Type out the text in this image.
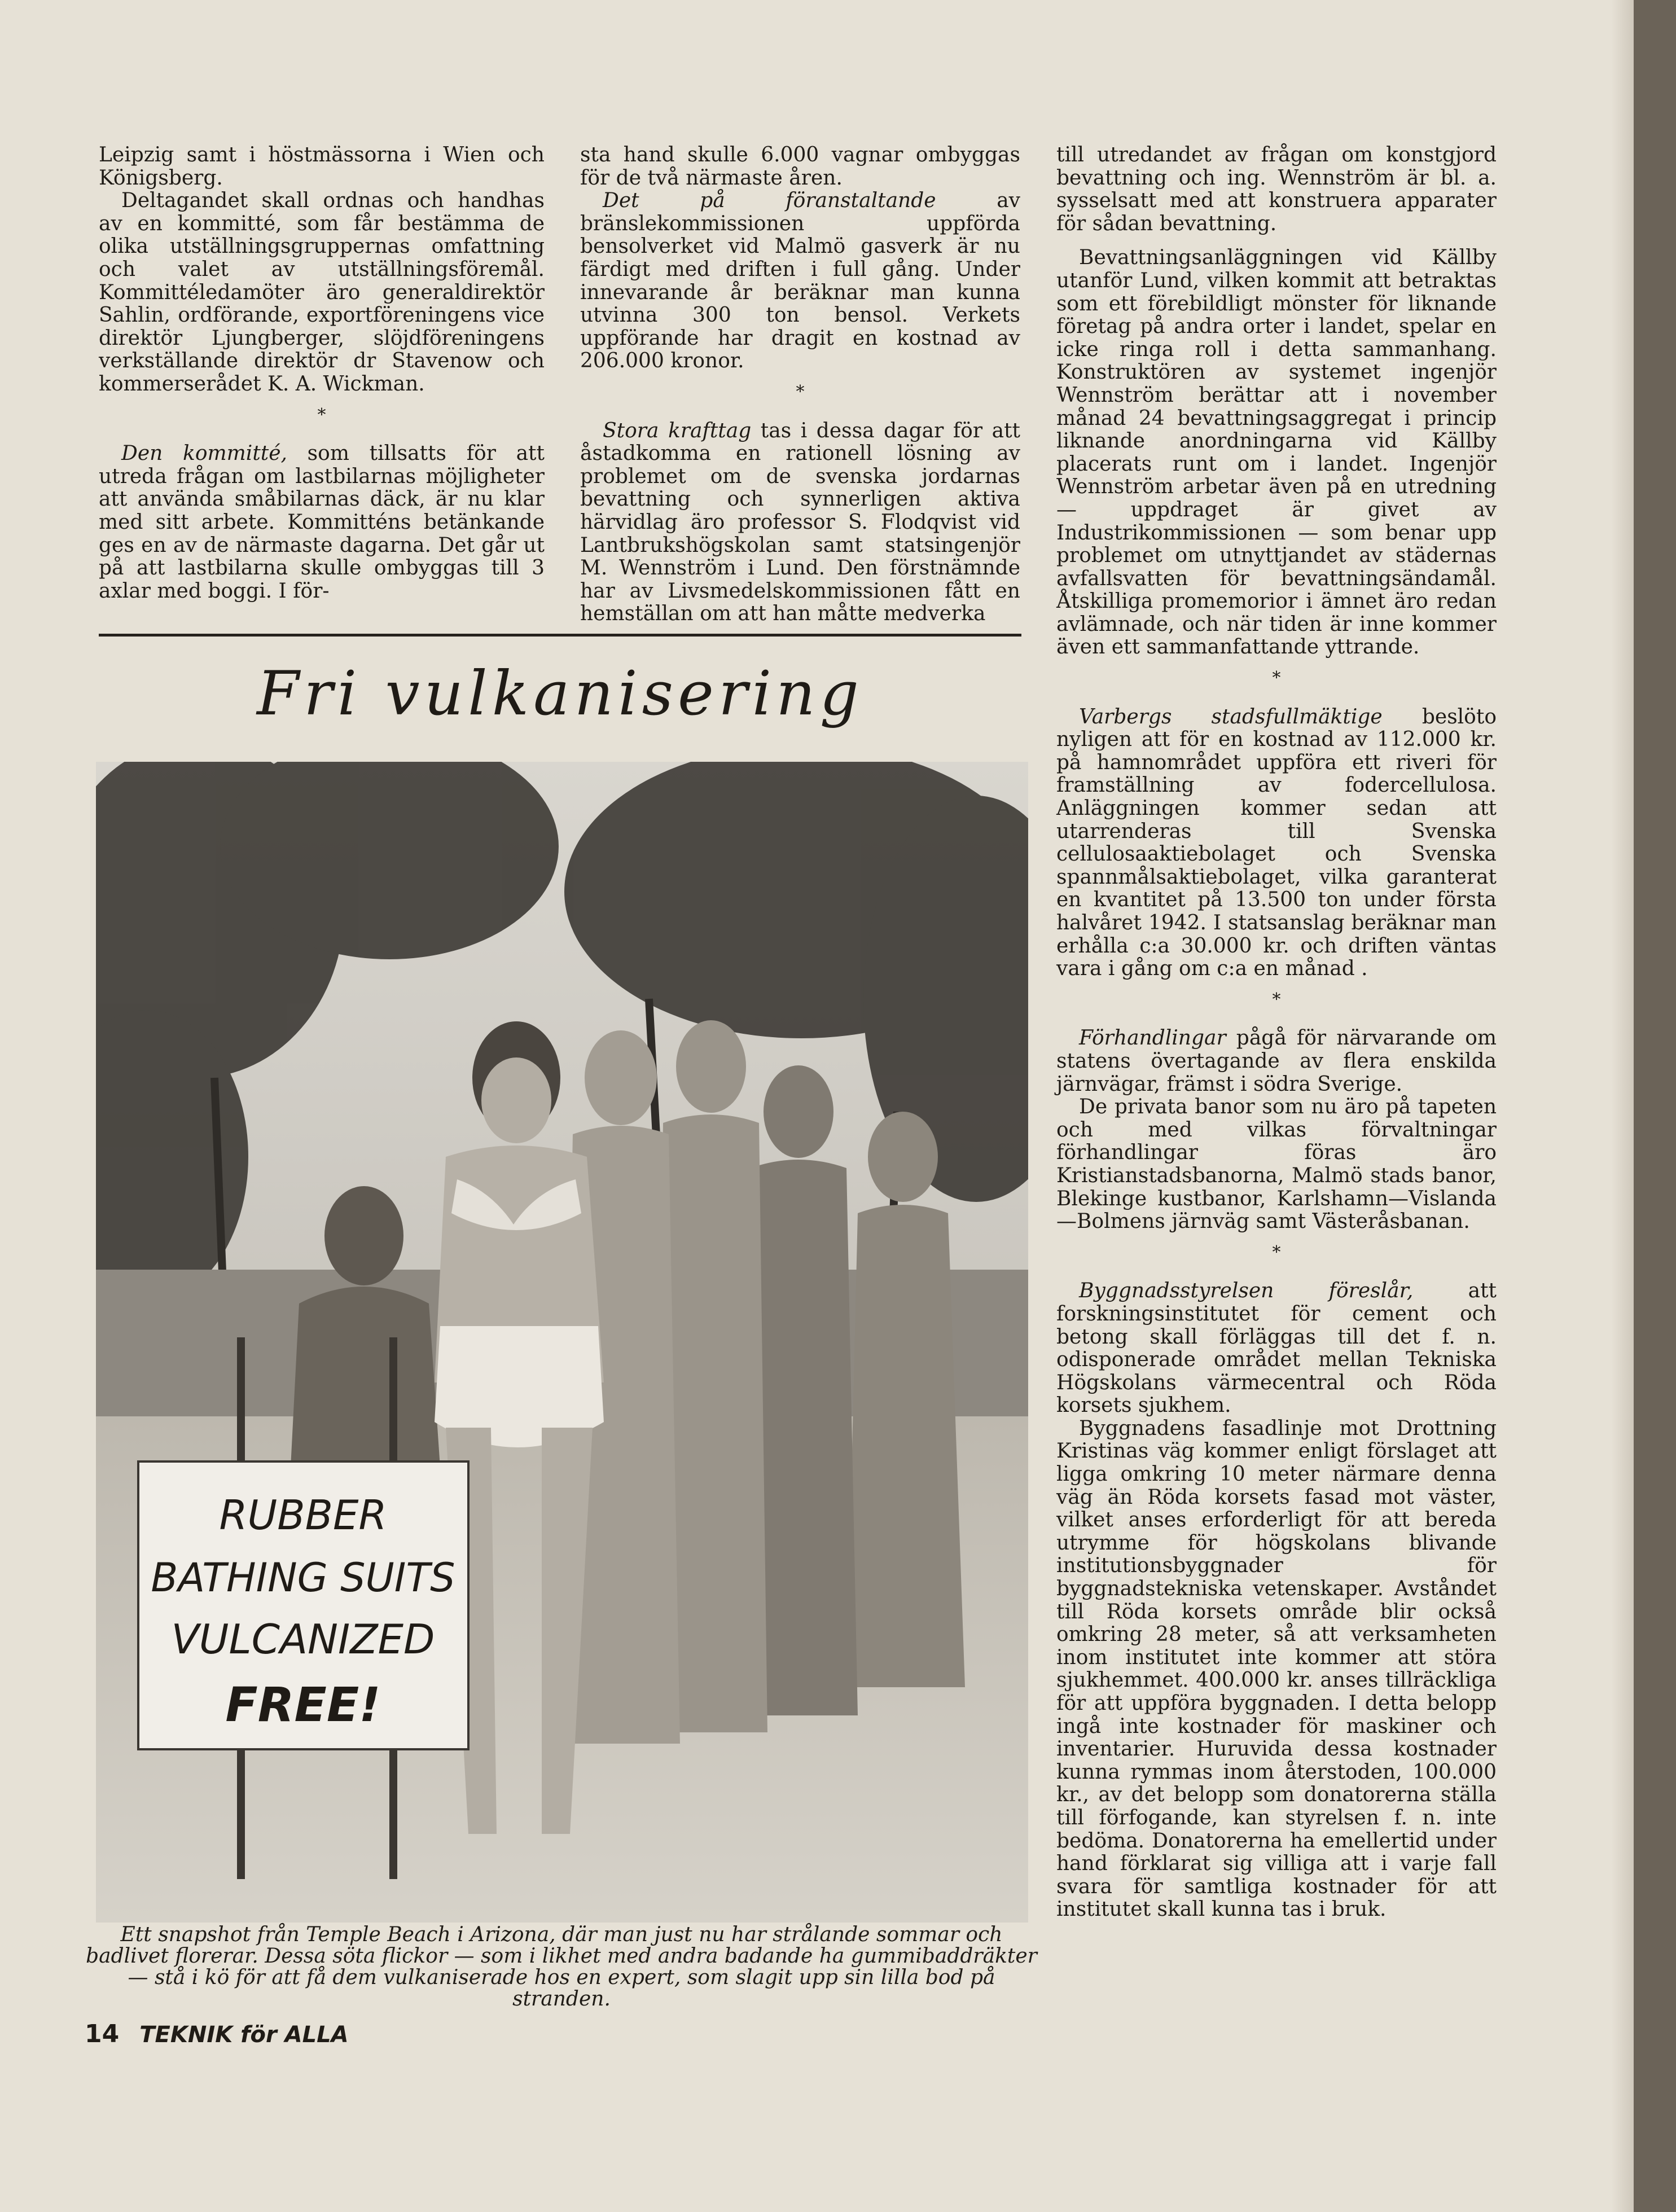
Leipzig samt i höstmässorna i Wien och Königsberg.

Deltagandet skall ordnas och handhas av en kommitté, som får bestämma de olika utställningsgruppernas omfattning och valet av utställningsföremål. Kommittéledamöter äro generaldirektör Sahlin, ordförande, exportföreningens vice direktör Ljungberger, slöjdföreningens verkställande direktör dr Stavenow och kommerserådet K. A. Wickman.

*

Den kommitté, som tillsatts för att utreda frågan om lastbilarnas möjligheter att använda småbilarnas däck, är nu klar med sitt arbete. Kommitténs betänkande ges en av de närmaste dagarna. Det går ut på att lastbilarna skulle ombyggas till 3 axlar med boggi. I för-

sta hand skulle 6.000 vagnar ombyggas för de två närmaste åren.

Det på föranstaltande av bränslekommissionen uppförda bensolverket vid Malmö gasverk är nu färdigt med driften i full gång. Under innevarande år beräknar man kunna utvinna 300 ton bensol. Verkets uppförande har dragit en kostnad av 206.000 kronor.

*

Stora krafttag tas i dessa dagar för att åstadkomma en rationell lösning av problemet om de svenska jordarnas bevattning och synnerligen aktiva härvidlag äro professor S. Flodqvist vid Lantbrukshögskolan samt statsingenjör M. Wennström i Lund. Den förstnämnde har av Livsmedelskommissionen fått en hemställan om att han måtte medverka

till utredandet av frågan om konstgjord bevattning och ing. Wennström är bl. a. sysselsatt med att konstruera apparater för sådan bevattning.

Bevattningsanläggningen vid Källby utanför Lund, vilken kommit att betraktas som ett förebildligt mönster för liknande företag på andra orter i landet, spelar en icke ringa roll i detta sammanhang. Konstruktören av systemet ingenjör Wennström berättar att i november månad 24 bevattningsaggregat i princip liknande anordningarna vid Källby placerats runt om i landet. Ingenjör Wennström arbetar även på en utredning — uppdraget är givet av Industrikommissionen — som benar upp problemet om utnyttjandet av städernas avfallsvatten för bevattningsändamål. Åtskilliga promemorior i ämnet äro redan avlämnade, och när tiden är inne kommer även ett sammanfattande yttrande.

*

Varbergs stadsfullmäktige beslöto nyligen att för en kostnad av 112.000 kr. på hamnområdet uppföra ett riveri för framställning av fodercellulosa. Anläggningen kommer sedan att utarrenderas till Svenska cellulosaaktiebolaget och Svenska spannmålsaktiebolaget, vilka garanterat en kvantitet på 13.500 ton under första halvåret 1942. I statsanslag beräknar man erhålla c:a 30.000 kr. och driften väntas vara i gång om c:a en månad .

*

Förhandlingar pågå för närvarande om statens övertagande av flera enskilda järnvägar, främst i södra Sverige.

De privata banor som nu äro på tapeten och med vilkas förvaltningar förhandlingar föras äro Kristianstadsbanorna, Malmö stads banor, Blekinge kustbanor, Karlshamn—Vislanda—Bolmens järnväg samt Västeråsbanan.

*

Byggnadsstyrelsen föreslår, att forskningsinstitutet för cement och betong skall förläggas till det f. n. odisponerade området mellan Tekniska Högskolans värmecentral och Röda korsets sjukhem.

Byggnadens fasadlinje mot Drottning Kristinas väg kommer enligt förslaget att ligga omkring 10 meter närmare denna väg än Röda korsets fasad mot väster, vilket anses erforderligt för att bereda utrymme för högskolans blivande institutionsbyggnader för byggnadstekniska vetenskaper. Avståndet till Röda korsets område blir också omkring 28 meter, så att verksamheten inom institutet inte kommer att störa sjukhemmet. 400.000 kr. anses tillräckliga för att uppföra byggnaden. I detta belopp ingå inte kostnader för maskiner och inventarier. Huruvida dessa kostnader kunna rymmas inom återstoden, 100.000 kr., av det belopp som donatorerna ställa till förfogande, kan styrelsen f. n. inte bedöma. Donatorerna ha emellertid under hand förklarat sig villiga att i varje fall svara för samtliga kostnader för att institutet skall kunna tas i bruk.

Fri vulkanisering
RUBBER
BATHING SUITS
VULCANIZED
FREE!
Ett snapshot från Temple Beach i Arizona, där man just nu har strålande sommar och badlivet florerar. Dessa söta flickor — som i likhet med andra badande ha gummibaddräkter — stå i kö för att få dem vulkaniserade hos en expert, som slagit upp sin lilla bod på stranden.
14 TEKNIK för ALLA
